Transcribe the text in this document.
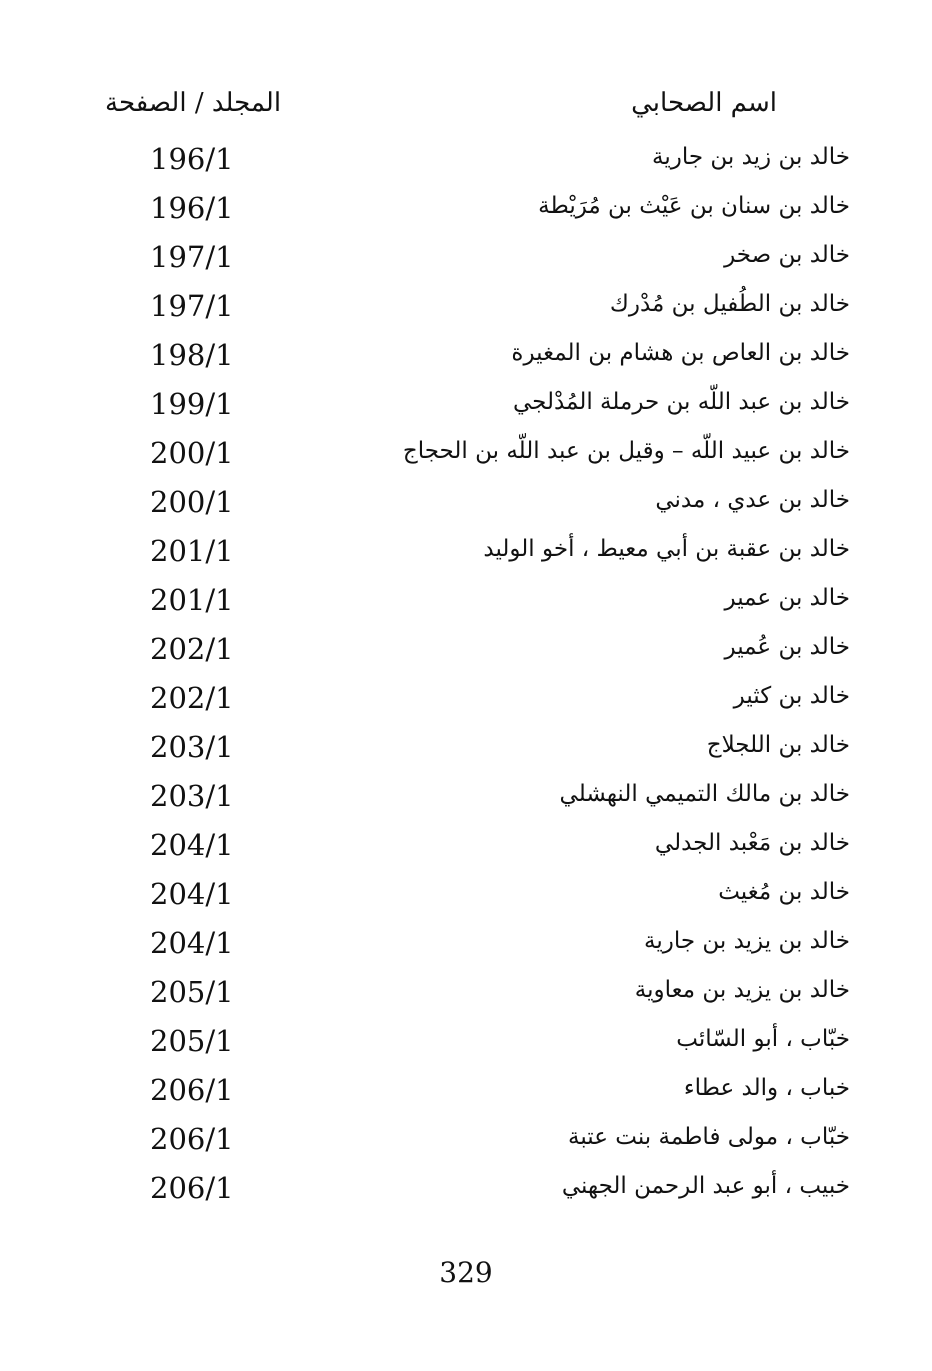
اسم الصحابي
المجلد / الصفحة
خالد بن زيد بن جارية
196/1
خالد بن سنان بن عَيْث بن مُرَيْطة
196/1
خالد بن صخر
197/1
خالد بن الطُفيل بن مُدْرك
197/1
خالد بن العاص بن هشام بن المغيرة
198/1
خالد بن عبد اللّه بن حرملة المُدْلجي
199/1
خالد بن عبيد اللّه – وقيل بن عبد اللّه بن الحجاج
200/1
خالد بن عدي ، مدني
200/1
خالد بن عقبة بن أبي معيط ، أخو الوليد
201/1
خالد بن عمير
201/1
خالد بن عُمير
202/1
خالد بن كثير
202/1
خالد بن اللجلاج
203/1
خالد بن مالك التميمي النهشلي
203/1
خالد بن مَعْبد الجدلي
204/1
خالد بن مُغيث
204/1
خالد بن يزيد بن جارية
204/1
خالد بن يزيد بن معاوية
205/1
خبّاب ، أبو السّائب
205/1
خباب ، والد عطاء
206/1
خبّاب ، مولى فاطمة بنت عتبة
206/1
خبيب ، أبو عبد الرحمن الجهني
206/1
329
